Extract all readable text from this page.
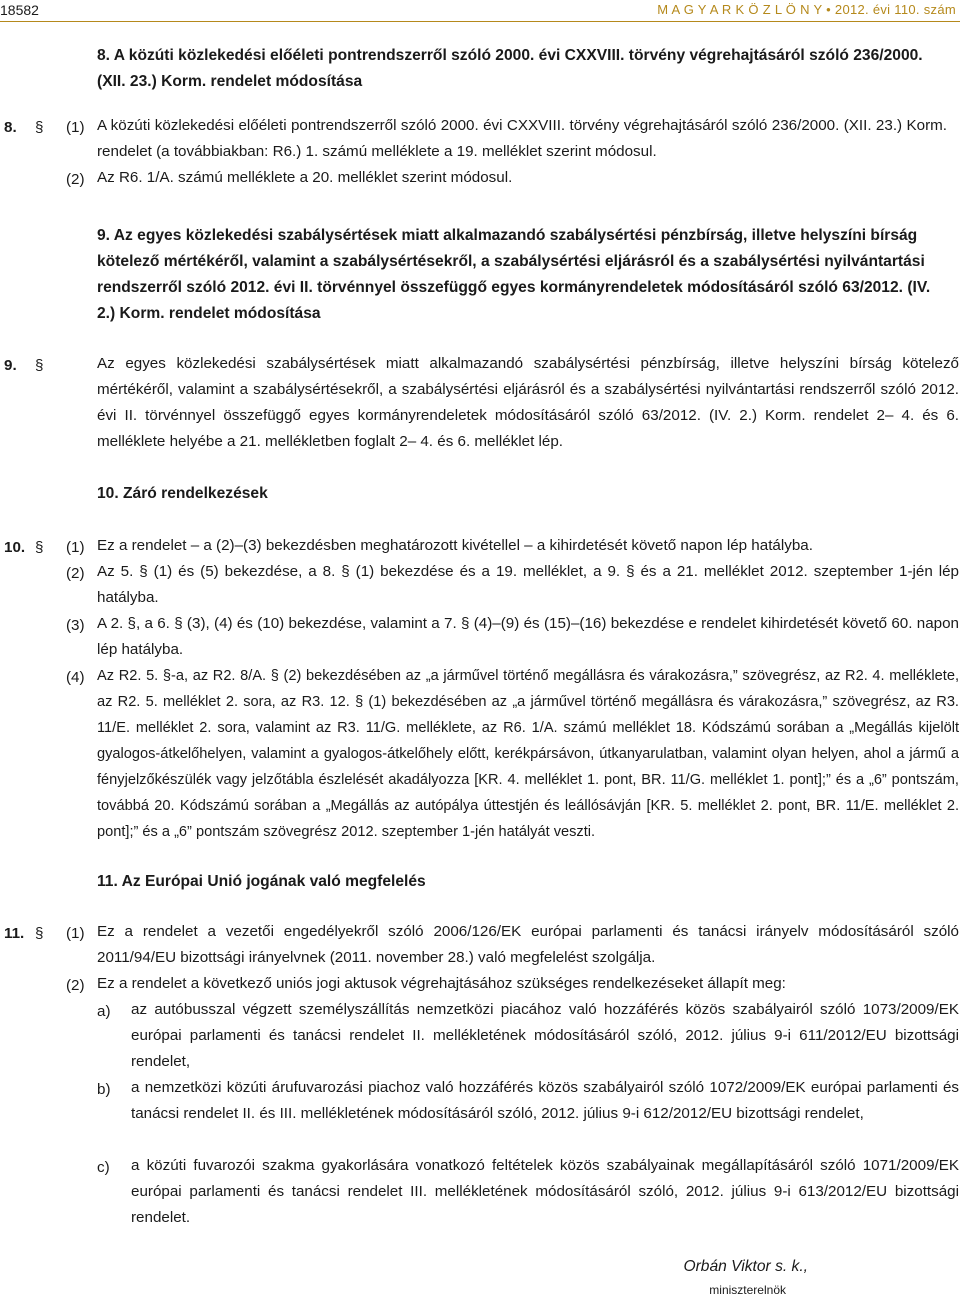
18582	M A G Y A R K Ö Z L Ö N Y • 2012. évi 110. szám
8. A közúti közlekedési előéleti pontrendszerről szóló 2000. évi CXXVIII. törvény végrehajtásáról szóló 236/2000. (XII. 23.) Korm. rendelet módosítása
8. § (1) A közúti közlekedési előéleti pontrendszerről szóló 2000. évi CXXVIII. törvény végrehajtásáról szóló 236/2000. (XII. 23.) Korm. rendelet (a továbbiakban: R6.) 1. számú melléklete a 19. melléklet szerint módosul.
(2) Az R6. 1/A. számú melléklete a 20. melléklet szerint módosul.
9. Az egyes közlekedési szabálysértések miatt alkalmazandó szabálysértési pénzbírság, illetve helyszíni bírság kötelező mértékéről, valamint a szabálysértésekről, a szabálysértési eljárásról és a szabálysértési nyilvántartási rendszerről szóló 2012. évi II. törvénnyel összefüggő egyes kormányrendeletek módosításáról szóló 63/2012. (IV. 2.) Korm. rendelet módosítása
9. §	Az egyes közlekedési szabálysértések miatt alkalmazandó szabálysértési pénzbírság, illetve helyszíni bírság kötelező mértékéről, valamint a szabálysértésekről, a szabálysértési eljárásról és a szabálysértési nyilvántartási rendszerről szóló 2012. évi II. törvénnyel összefüggő egyes kormányrendeletek módosításáról szóló 63/2012. (IV. 2.) Korm. rendelet 2– 4. és 6. melléklete helyébe a 21. mellékletben foglalt 2– 4. és 6. melléklet lép.
10. Záró rendelkezések
10. § (1) Ez a rendelet – a (2)–(3) bekezdésben meghatározott kivétellel – a kihirdetését követő napon lép hatályba.
(2) Az 5. § (1) és (5) bekezdése, a 8. § (1) bekezdése és a 19. melléklet, a 9. § és a 21. melléklet 2012. szeptember 1-jén lép hatályba.
(3) A 2. §, a 6. § (3), (4) és (10) bekezdése, valamint a 7. § (4)–(9) és (15)–(16) bekezdése e rendelet kihirdetését követő 60. napon lép hatályba.
(4) Az R2. 5. §-a, az R2. 8/A. § (2) bekezdésében az „a járművel történő megállásra és várakozásra,” szövegrész, az R2. 4. melléklete, az R2. 5. melléklet 2. sora, az R3. 12. § (1) bekezdésében az „a járművel történő megállásra és várakozásra,” szövegrész, az R3. 11/E. melléklet 2. sora, valamint az R3. 11/G. melléklete, az R6. 1/A. számú melléklet 18. Kódszámú sorában a „Megállás kijelölt gyalogos-átkelőhelyen, valamint a gyalogos-átkelőhely előtt, kerékpársávon, útkanyarulatban, valamint olyan helyen, ahol a jármű a fényjelzőkészülék vagy jelzőtábla észlelését akadályozza [KR. 4. melléklet 1. pont, BR. 11/G. melléklet 1. pont];” és a „6” pontszám, továbbá 20. Kódszámú sorában a „Megállás az autópálya úttestjén és leállósávján [KR. 5. melléklet 2. pont, BR. 11/E. melléklet 2. pont];” és a „6” pontszám szövegrész 2012. szeptember 1-jén hatályát veszti.
11. Az Európai Unió jogának való megfelelés
11. § (1) Ez a rendelet a vezetői engedélyekről szóló 2006/126/EK európai parlamenti és tanácsi irányelv módosításáról szóló 2011/94/EU bizottsági irányelvnek (2011. november 28.) való megfelelést szolgálja.
(2) Ez a rendelet a következő uniós jogi aktusok végrehajtásához szükséges rendelkezéseket állapít meg:
a) az autóbusszal végzett személyszállítás nemzetközi piacához való hozzáférés közös szabályairól szóló 1073/2009/EK európai parlamenti és tanácsi rendelet II. mellékletének módosításáról szóló, 2012. július 9-i 611/2012/EU bizottsági rendelet,
b) a nemzetközi közúti árufuvarozási piachoz való hozzáférés közös szabályairól szóló 1072/2009/EK európai parlamenti és tanácsi rendelet II. és III. mellékletének módosításáról szóló, 2012. július 9-i 612/2012/EU bizottsági rendelet,
c) a közúti fuvarozói szakma gyakorlására vonatkozó feltételek közös szabályainak megállapításáról szóló 1071/2009/EK európai parlamenti és tanácsi rendelet III. mellékletének módosításáról szóló, 2012. július 9-i 613/2012/EU bizottsági rendelet.
Orbán Viktor s. k.,
miniszterelnök
